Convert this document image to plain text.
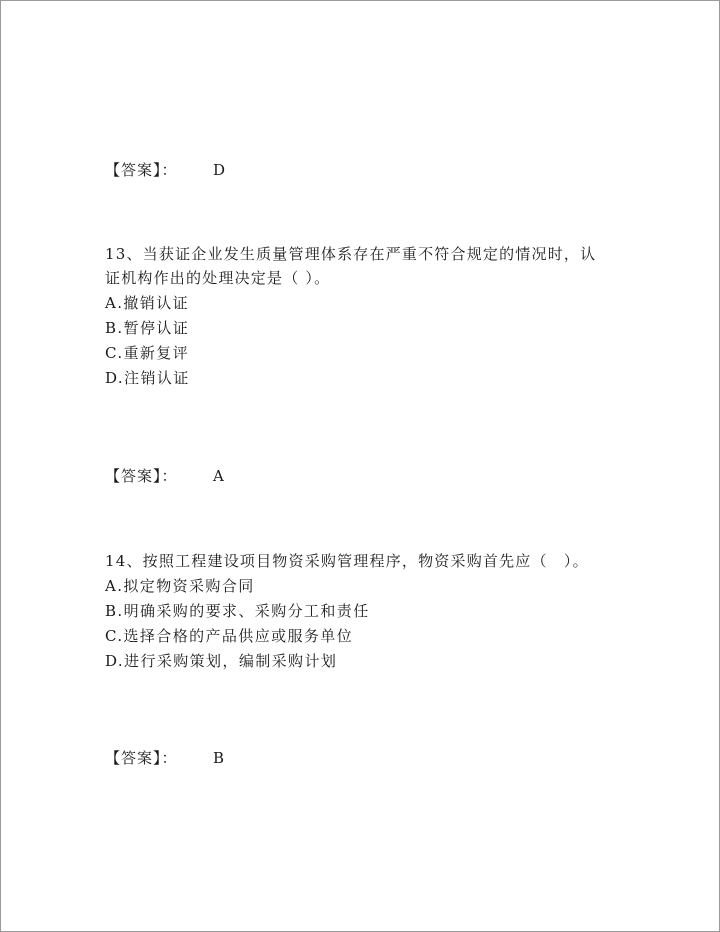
【答案】： D
13、当获证企业发生质量管理体系存在严重不符合规定的情况时，认
证机构作出的处理决定是（ ）。
A.撤销认证
B.暂停认证
C.重新复评
D.注销认证
【答案】： A
14、按照工程建设项目物资采购管理程序，物资采购首先应（　）。
A.拟定物资采购合同
B.明确采购的要求、采购分工和责任
C.选择合格的产品供应或服务单位
D.进行采购策划，编制采购计划
【答案】： B
